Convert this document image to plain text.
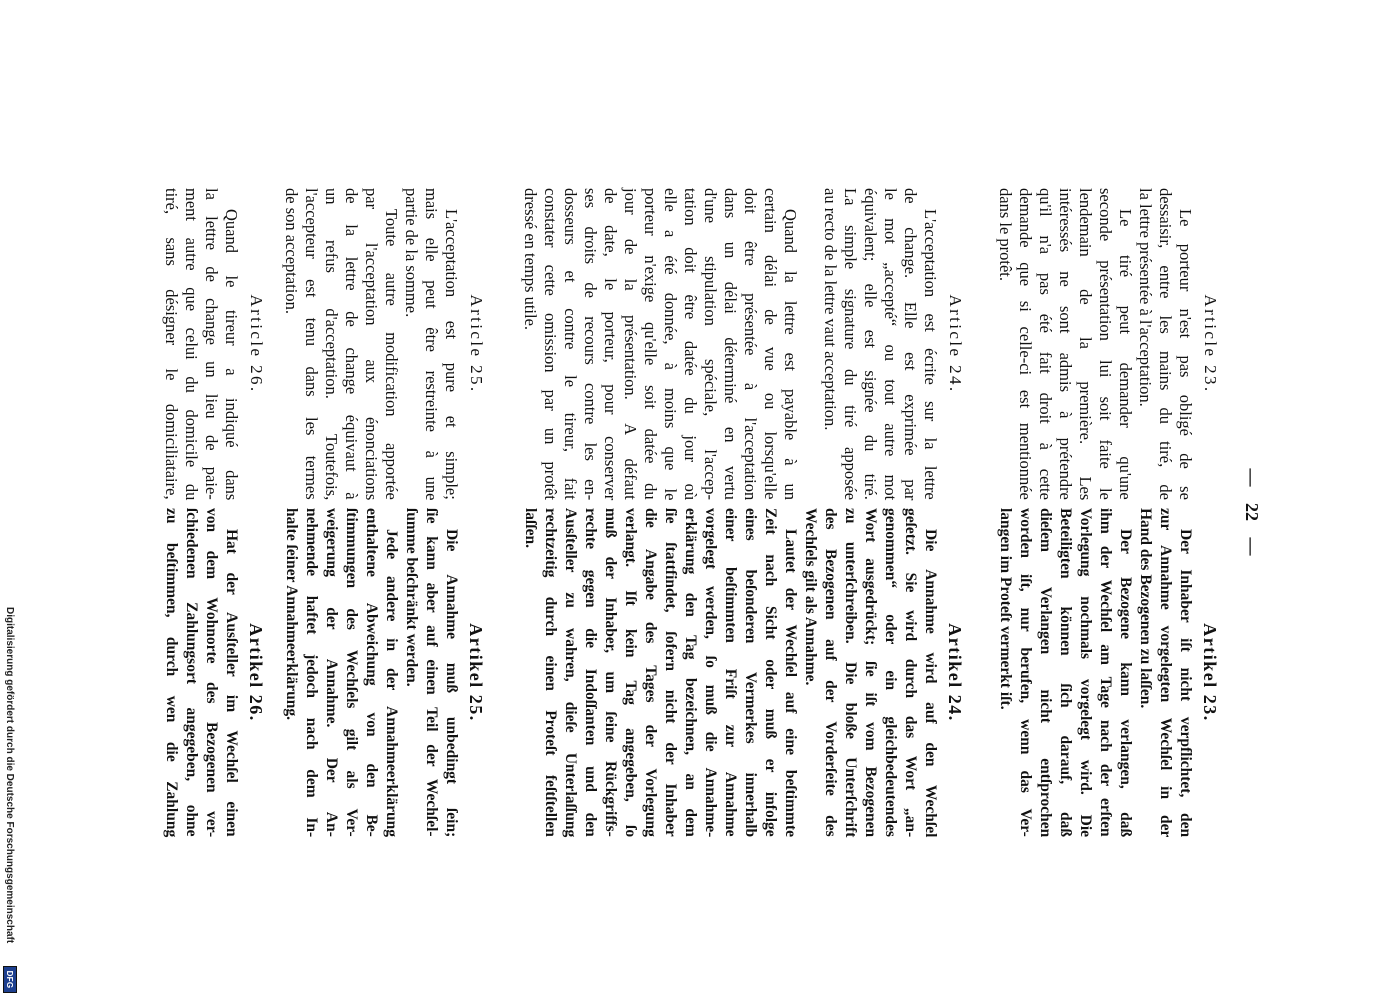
— 22 —
Article 23.
Le porteur n'est pas obligé de se
dessaisir, entre les mains du tiré, de
la lettre présentée à l'acceptation.
Le tiré peut demander qu'une
seconde présentation lui soit faite le
lendemain de la première. Les
intéressés ne sont admis à prétendre
qu'il n'a pas été fait droit à cette
demande que si celle-ci est mentionnée
dans le protêt.
Article 24.
L'acceptation est écrite sur la lettre
de change. Elle est exprimée par
le mot „accepté“ ou tout autre mot
équivalent; elle est signée du tiré.
La simple signature du tiré apposée
au recto de la lettre vaut acceptation.
Quand la lettre est payable à un
certain délai de vue ou lorsqu'elle
doit être présentée à l'acceptation
dans un délai déterminé en vertu
d'une stipulation spéciale, l'accep-
tation doit être datée du jour où
elle a été donnée, à moins que le
porteur n'exige qu'elle soit datée du
jour de la présentation. A défaut
de date, le porteur, pour conserver
ses droits de recours contre les en-
dosseurs et contre le tireur, fait
constater cette omission par un protêt
dressé en temps utile.
Article 25.
L'acceptation est pure et simple;
mais elle peut être restreinte à une
partie de la somme.
Toute autre modification apportée
par l'acceptation aux énonciations
de la lettre de change équivaut à
un refus d'acceptation. Toutefois,
l'accepteur est tenu dans les termes
de son acceptation.
Article 26.
Quand le tireur a indiqué dans
la lettre de change un lieu de paie-
ment autre que celui du domicile du
tiré, sans désigner le domiciliataire,
Artikel 23.
Der Inhaber iſt nicht verpflichtet, den
zur Annahme vorgelegten Wechſel in der
Hand des Bezogenen zu laſſen.
Der Bezogene kann verlangen, daß
ihm der Wechſel am Tage nach der erſten
Vorlegung nochmals vorgelegt wird. Die
Beteiligten können ſich darauf, daß
dieſem Verlangen nicht entſprochen
worden iſt, nur berufen, wenn das Ver-
langen im Proteſt vermerkt iſt.
Artikel 24.
Die Annahme wird auf den Wechſel
geſetzt. Sie wird durch das Wort „an-
genommen“ oder ein gleichbedeutendes
Wort ausgedrückt; ſie iſt vom Bezogenen
zu unterſchreiben. Die bloße Unterſchrift
des Bezogenen auf der Vorderſeite des
Wechſels gilt als Annahme.
Lautet der Wechſel auf eine beſtimmte
Zeit nach Sicht oder muß er infolge
eines beſonderen Vermerkes innerhalb
einer beſtimmten Friſt zur Annahme
vorgelegt werden, ſo muß die Annahme-
erklärung den Tag bezeichnen, an dem
ſie ſtattfindet, ſofern nicht der Inhaber
die Angabe des Tages der Vorlegung
verlangt. Iſt kein Tag angegeben, ſo
muß der Inhaber, um ſeine Rückgriffs-
rechte gegen die Indoſſanten und den
Ausſteller zu wahren, dieſe Unterlaſſung
rechtzeitig durch einen Proteſt feſtſtellen
laſſen.
Artikel 25.
Die Annahme muß unbedingt ſein;
ſie kann aber auf einen Teil der Wechſel-
ſumme beſchränkt werden.
Jede andere in der Annahmeerklärung
enthaltene Abweichung von den Be-
ſtimmungen des Wechſels gilt als Ver-
weigerung der Annahme. Der An-
nehmende haftet jedoch nach dem In-
halte ſeiner Annahmeerklärung.
Artikel 26.
Hat der Ausſteller im Wechſel einen
von dem Wohnorte des Bezogenen ver-
ſchiedenen Zahlungsort angegeben, ohne
zu beſtimmen, durch wen die Zahlung
Digitalisierung gefördert durch die Deutsche Forschungsgemeinschaft
DFG
